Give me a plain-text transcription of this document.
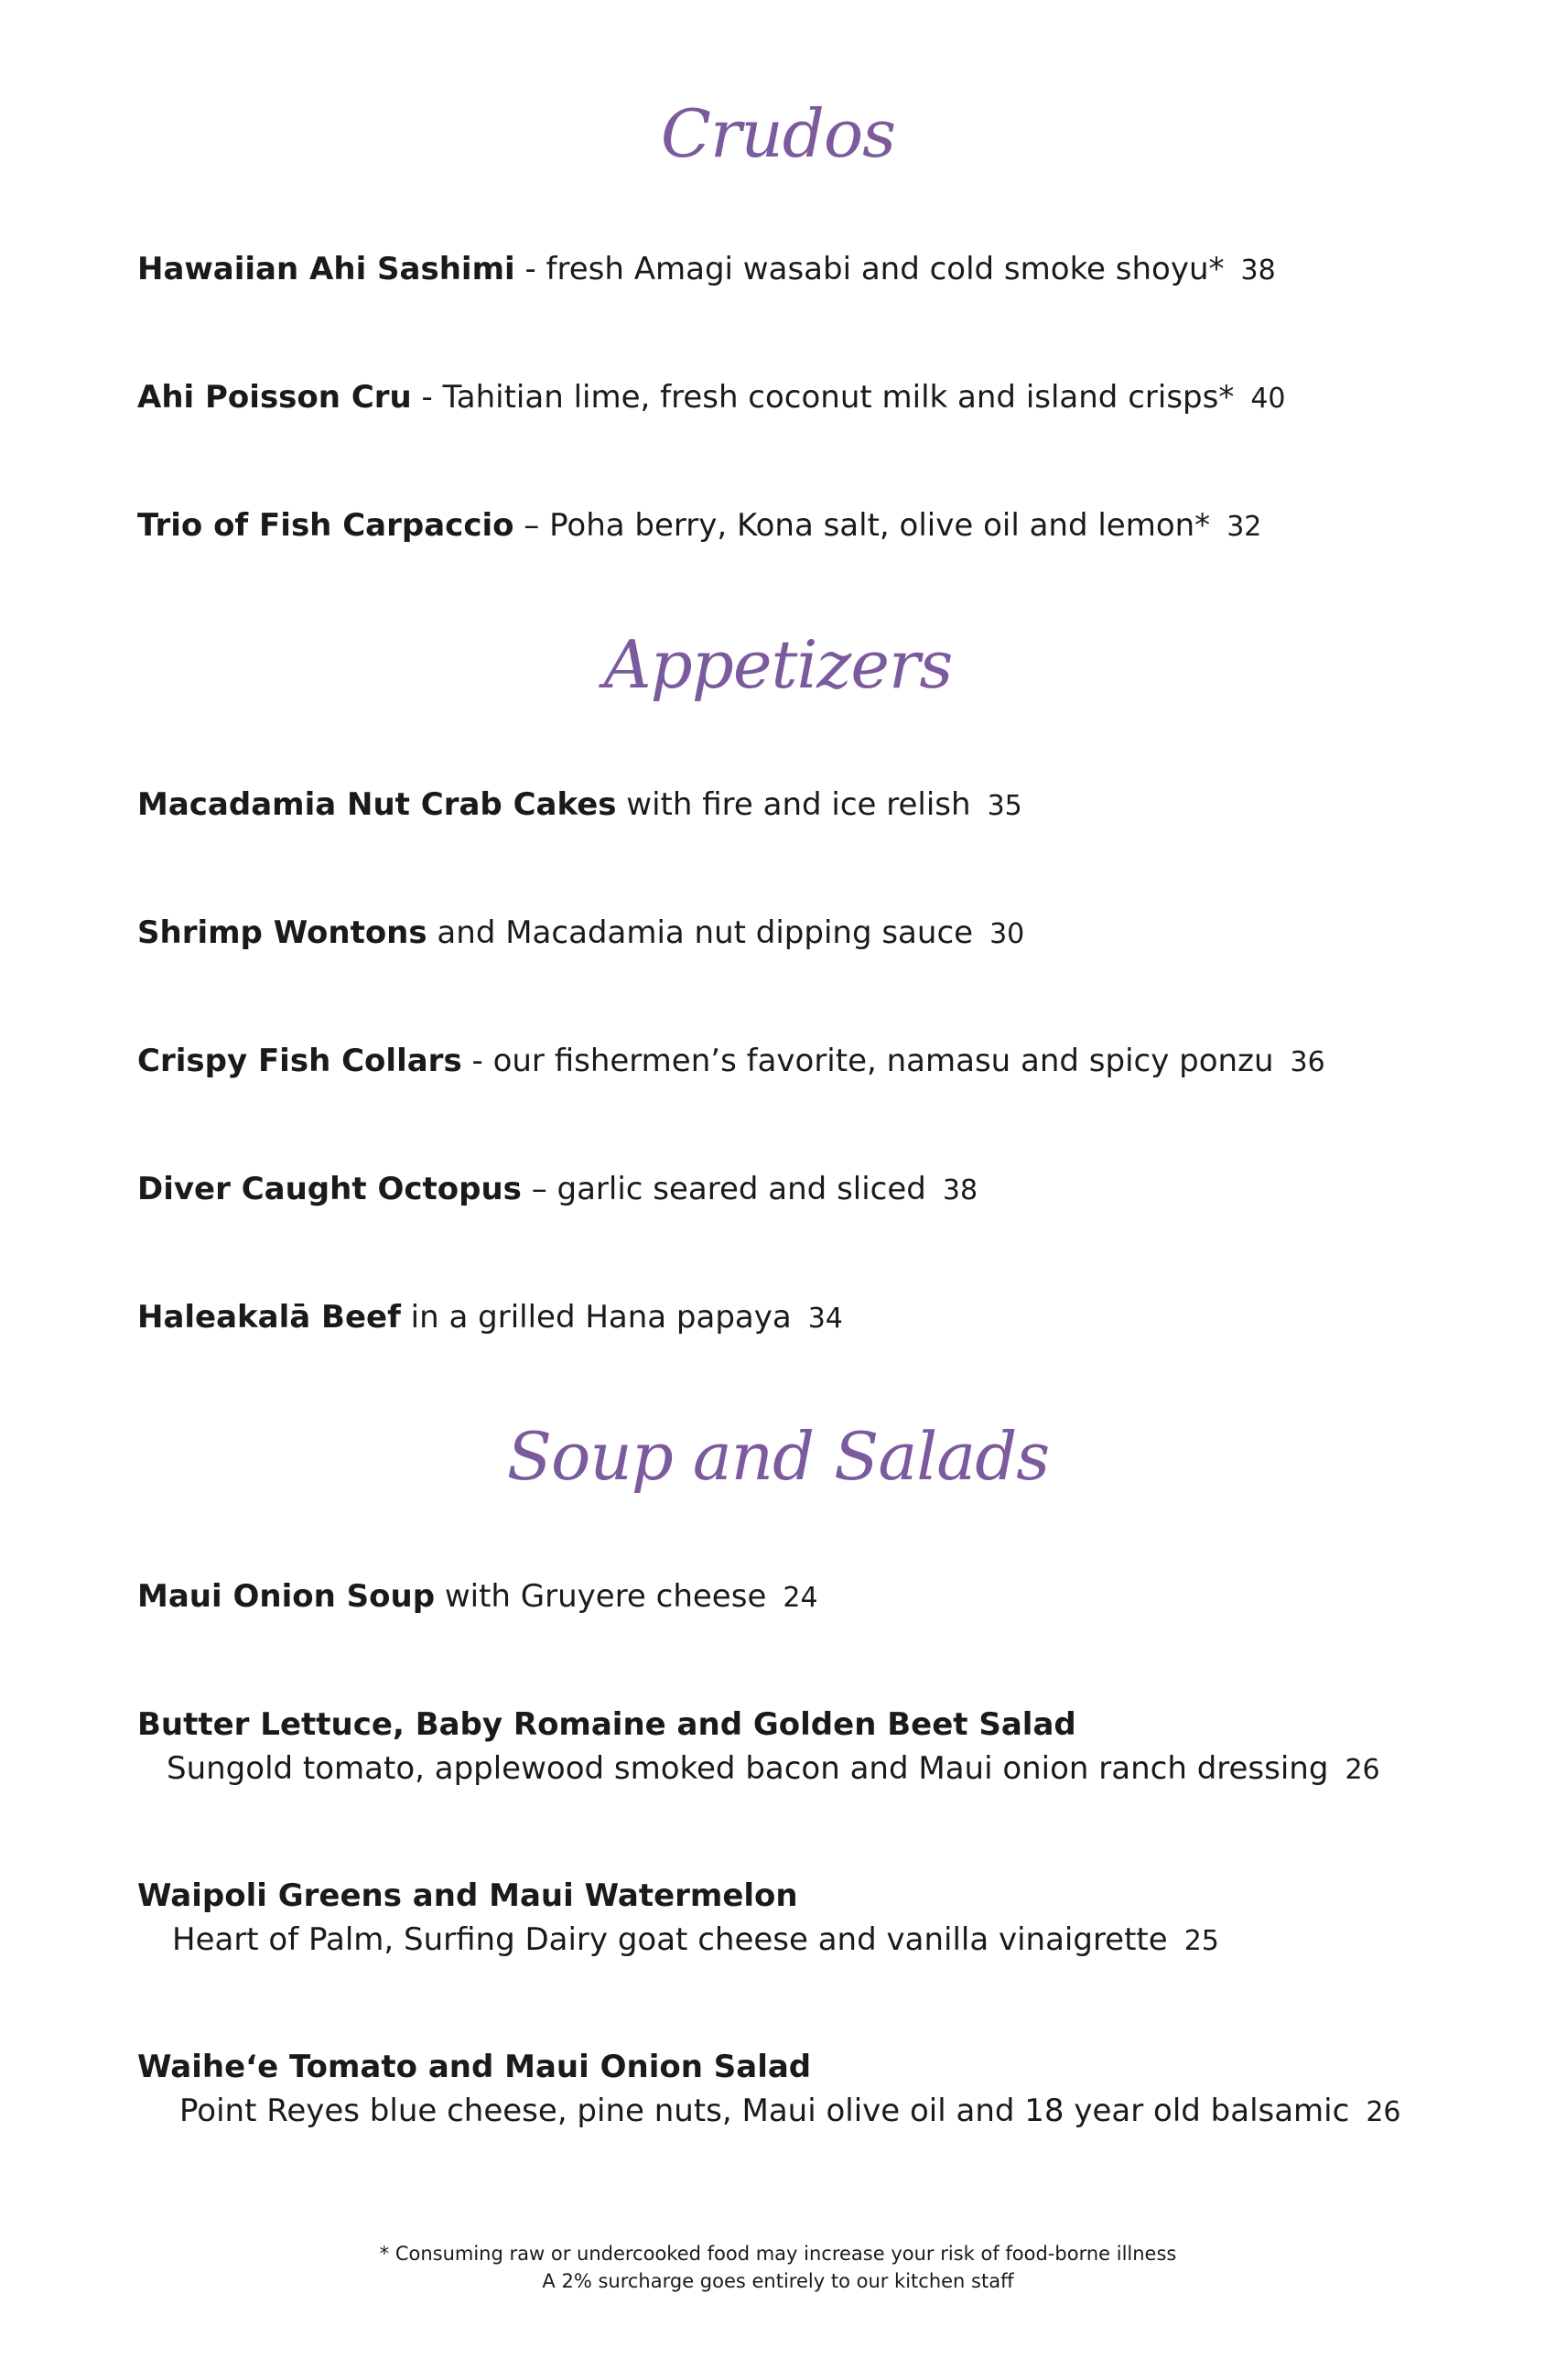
Crudos
Hawaiian Ahi Sashimi - fresh Amagi wasabi and cold smoke shoyu* 38
Ahi Poisson Cru - Tahitian lime, fresh coconut milk and island crisps* 40
Trio of Fish Carpaccio – Poha berry, Kona salt, olive oil and lemon* 32
Appetizers
Macadamia Nut Crab Cakes with fire and ice relish 35
Shrimp Wontons and Macadamia nut dipping sauce 30
Crispy Fish Collars - our fishermen’s favorite, namasu and spicy ponzu 36
Diver Caught Octopus – garlic seared and sliced 38
Haleakalā Beef in a grilled Hana papaya 34
Soup and Salads
Maui Onion Soup with Gruyere cheese 24
Butter Lettuce, Baby Romaine and Golden Beet Salad
Sungold tomato, applewood smoked bacon and Maui onion ranch dressing 26
Waipoli Greens and Maui Watermelon
Heart of Palm, Surfing Dairy goat cheese and vanilla vinaigrette 25
Waihe‘e Tomato and Maui Onion Salad
Point Reyes blue cheese, pine nuts, Maui olive oil and 18 year old balsamic 26
* Consuming raw or undercooked food may increase your risk of food-borne illness
A 2% surcharge goes entirely to our kitchen staff
